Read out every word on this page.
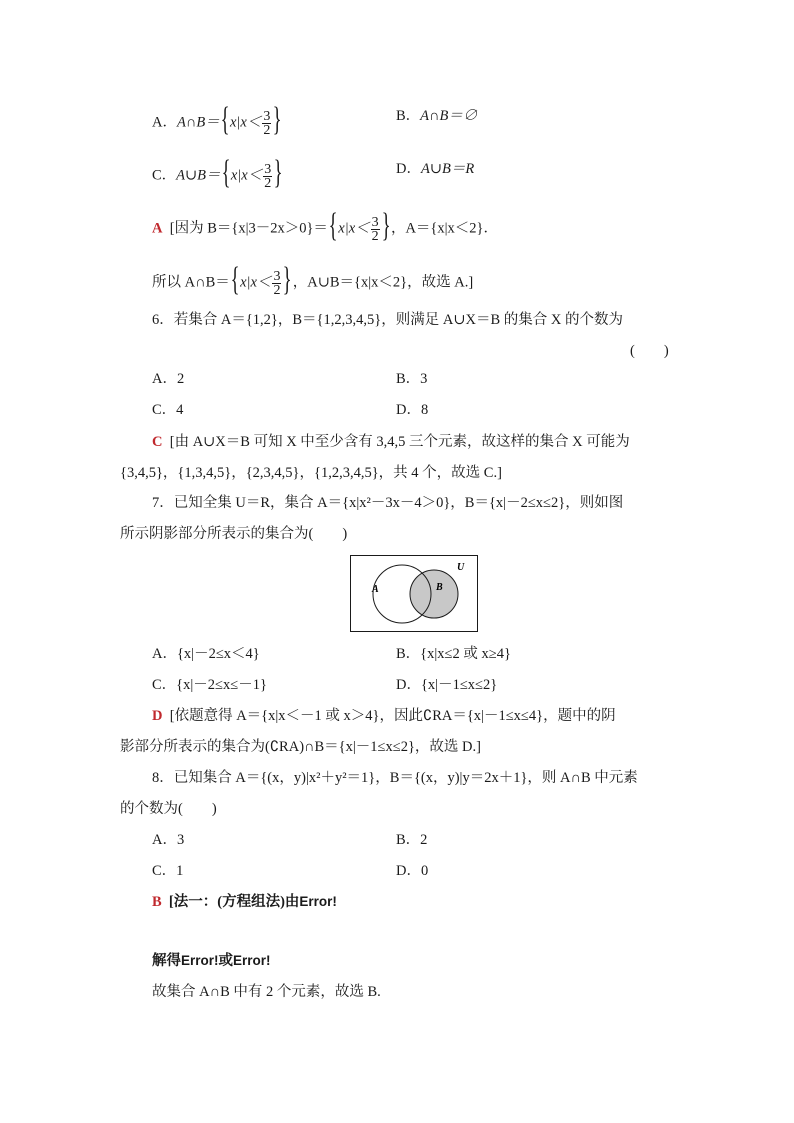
A．A∩B＝{x|x＜ $\frac{3}{2}$ }	B．A∩B＝∅
C．A∪B＝{x|x＜ $\frac{3}{2}$ }	D．A∪B＝R
A [因为 $B=\{x|3-2x>0\}=\{x|x< \frac{3}{2}$ }，A＝{x|x＜2}．
所以 A∩B＝{x|x＜ $\frac{3}{2}$ }，A∪B＝{x|x＜2}，故选 A.]
6．若集合 A＝{1,2}，B＝{1,2,3,4,5}，则满足 A∪X＝B 的集合 X 的个数为
(　　)
A．2	B．3
C．4	D．8
C [由 A∪X＝B 可知 X 中至少含有 3,4,5 三个元素，故这样的集合 X 可能为
{3,4,5}，{1,3,4,5}，{2,3,4,5}，{1,2,3,4,5}，共 4 个，故选 C.]
7．已知全集 U＝R，集合 A＝{x|x²－3x－4＞0}，B＝{x|－2≤x≤2}，则如图
所示阴影部分所表示的集合为(　　)
U
A	B
A．{x|－2≤x＜4}	B．{x|x≤2 或 x≥4}
C．{x|－2≤x≤－1}	D．{x|－1≤x≤2}
D [依题意得 A＝{x|x＜－1 或 x＞4}，因此∁RA＝{x|－1≤x≤4}，题中的阴
影部分所表示的集合为(∁RA)∩B＝{x|－1≤x≤2}，故选 D.]
8．已知集合 A＝{(x，y)|x²＋y²＝1}，B＝{(x，y)|y＝2x＋1}，则 A∩B 中元素
的个数为(　　)
A．3	B．2
C．1	D．0
B [法一：(方程组法)由Error!
解得Error!或Error!
故集合 A∩B 中有 2 个元素，故选 B.
